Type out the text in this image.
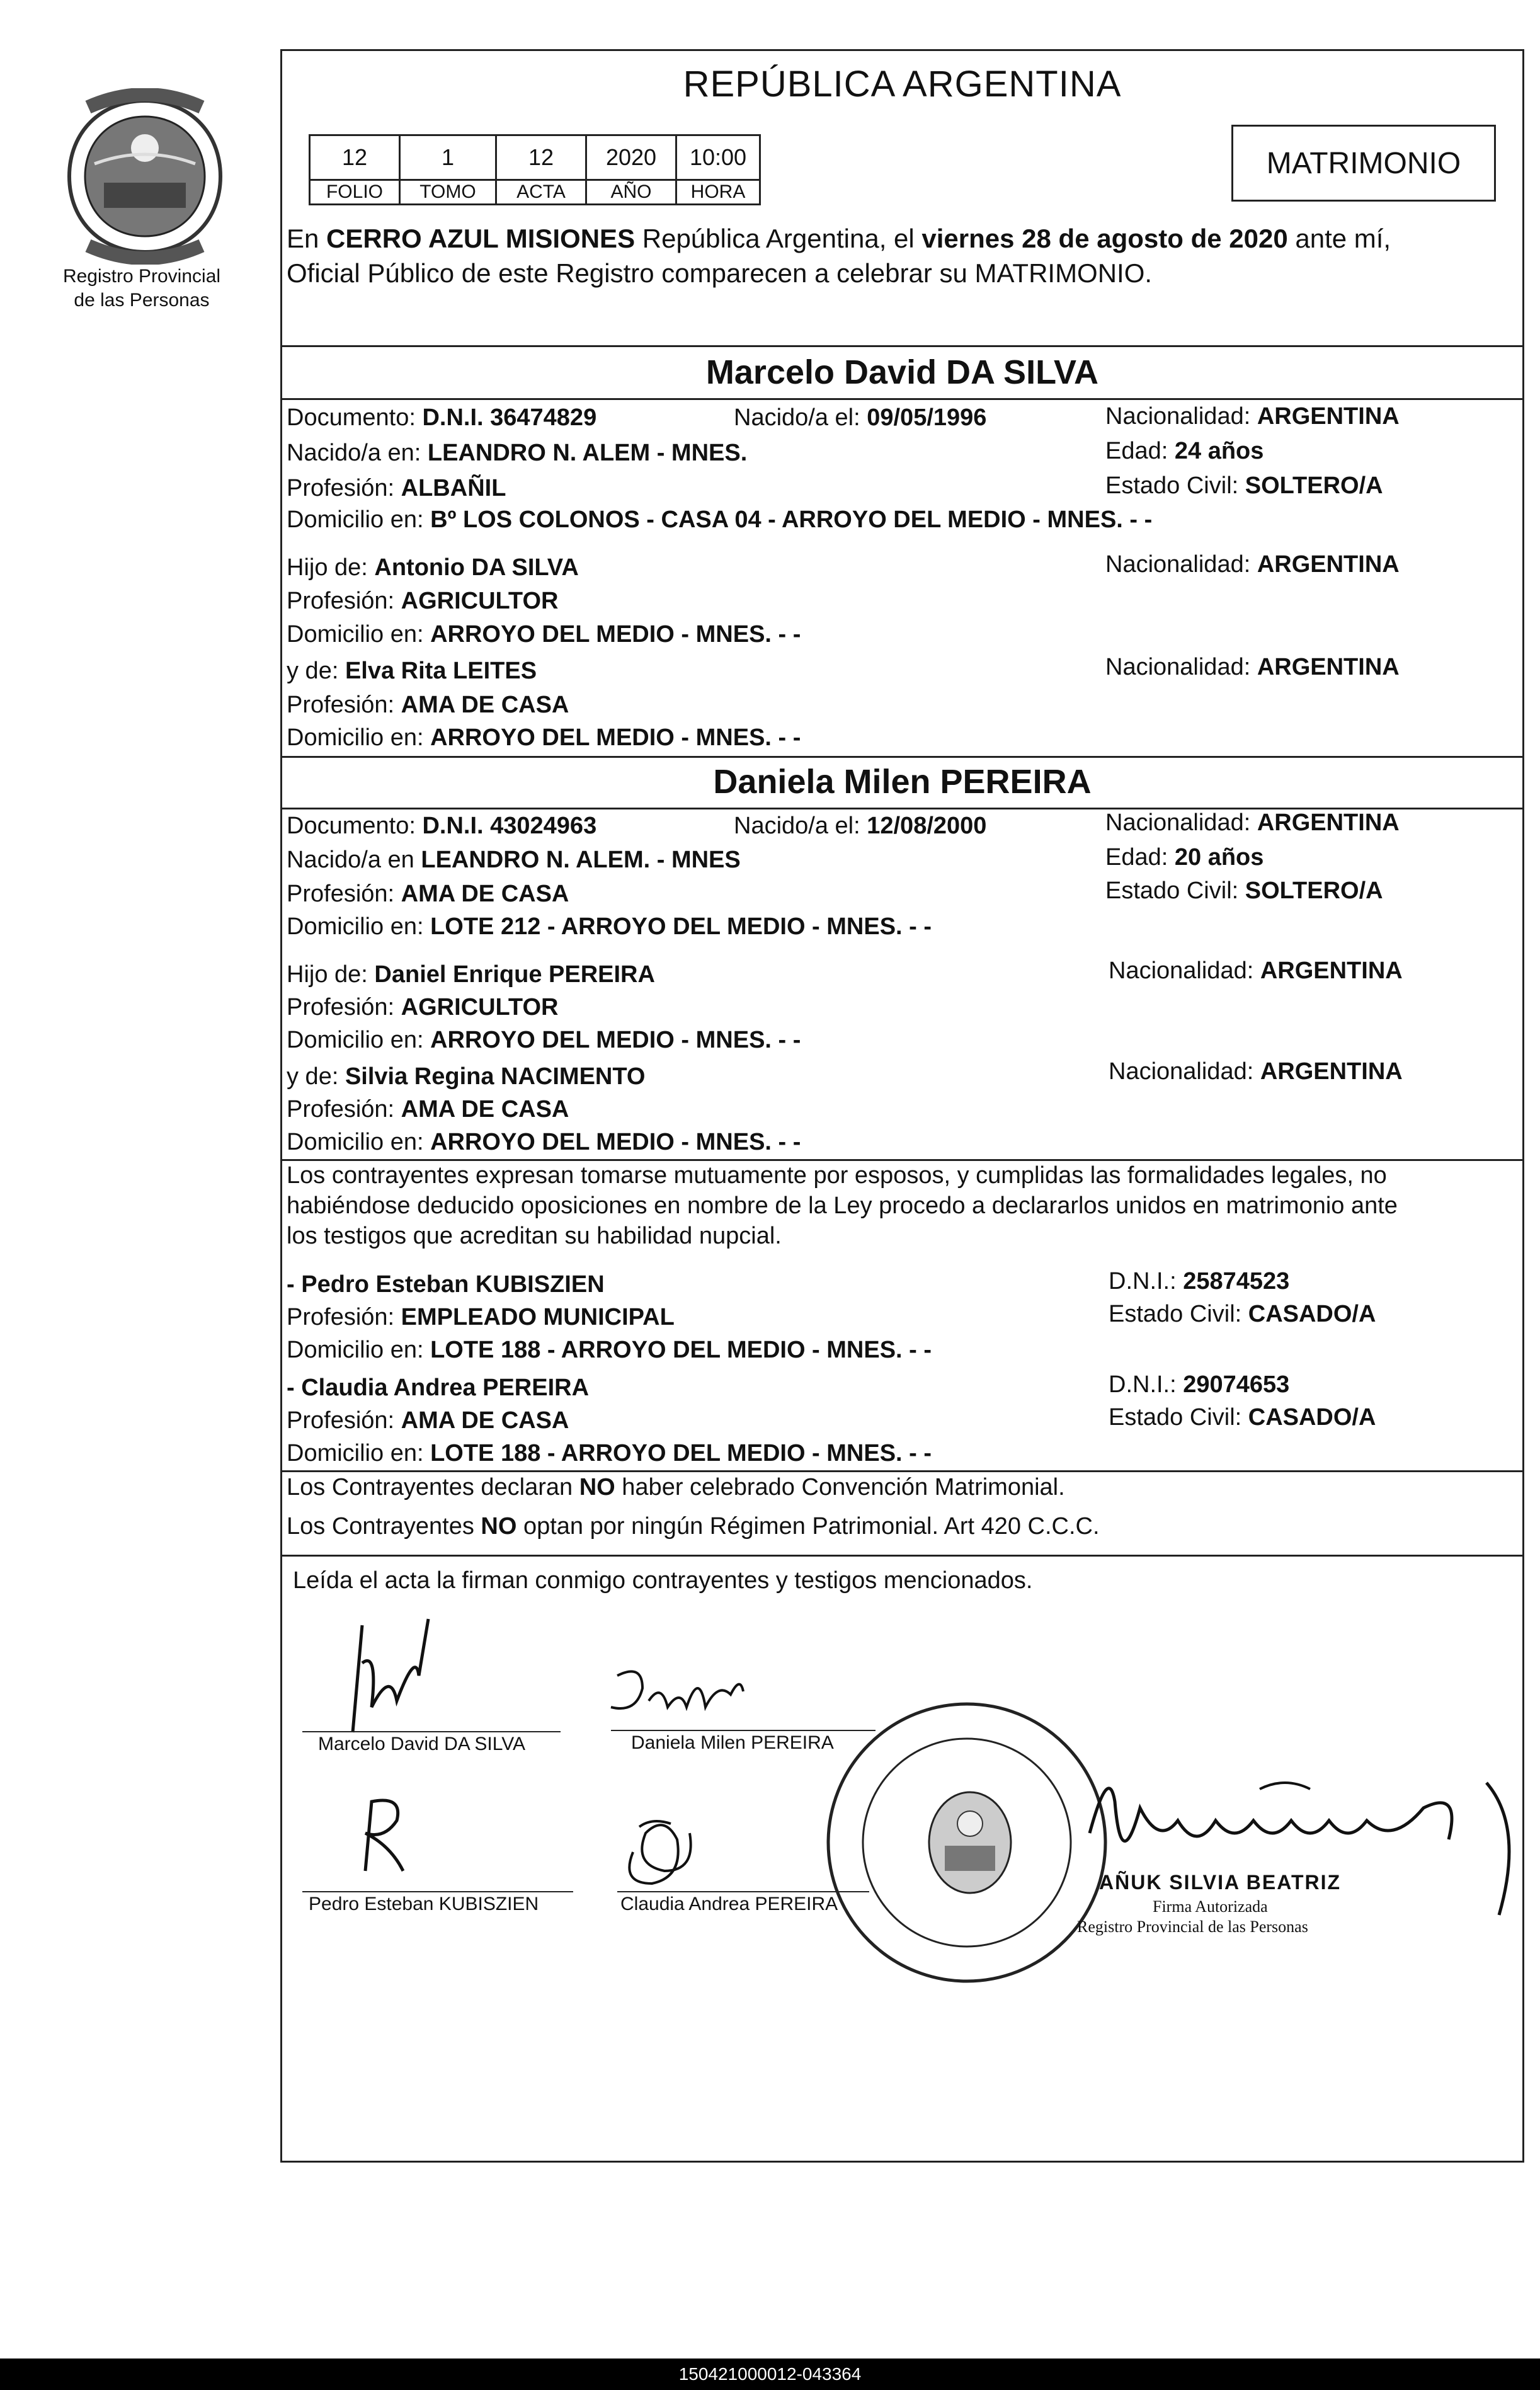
Registro Provincial
de las Personas
REPÚBLICA ARGENTINA
12	1	12	2020	10:00
FOLIO	TOMO	ACTA	AÑO	HORA
MATRIMONIO
En CERRO AZUL MISIONES República Argentina, el viernes 28 de agosto de 2020 ante mí,
Oficial Público de este Registro comparecen a celebrar su MATRIMONIO.
Marcelo David DA SILVA
Documento: D.N.I. 36474829	Nacido/a el: 09/05/1996	Nacionalidad: ARGENTINA
Nacido/a en: LEANDRO N. ALEM - MNES.	Edad: 24 años
Profesión: ALBAÑIL	Estado Civil: SOLTERO/A
Domicilio en: Bº LOS COLONOS - CASA 04 - ARROYO DEL MEDIO - MNES. - -
Hijo de: Antonio DA SILVA	Nacionalidad: ARGENTINA
Profesión: AGRICULTOR
Domicilio en: ARROYO DEL MEDIO - MNES. - -
y de: Elva Rita LEITES	Nacionalidad: ARGENTINA
Profesión: AMA DE CASA
Domicilio en: ARROYO DEL MEDIO - MNES. - -
Daniela Milen PEREIRA
Documento: D.N.I. 43024963	Nacido/a el: 12/08/2000	Nacionalidad: ARGENTINA
Nacido/a en LEANDRO N. ALEM. - MNES	Edad: 20 años
Profesión: AMA DE CASA	Estado Civil: SOLTERO/A
Domicilio en: LOTE 212 - ARROYO DEL MEDIO - MNES. - -
Hijo de: Daniel Enrique PEREIRA	Nacionalidad: ARGENTINA
Profesión: AGRICULTOR
Domicilio en: ARROYO DEL MEDIO - MNES. - -
y de: Silvia Regina NACIMENTO	Nacionalidad: ARGENTINA
Profesión: AMA DE CASA
Domicilio en: ARROYO DEL MEDIO - MNES. - -
Los contrayentes expresan tomarse mutuamente por esposos, y cumplidas las formalidades legales, no
habiéndose deducido oposiciones en nombre de la Ley procedo a declararlos unidos en matrimonio ante
los testigos que acreditan su habilidad nupcial.
- Pedro Esteban KUBISZIEN	D.N.I.: 25874523
Profesión: EMPLEADO MUNICIPAL	Estado Civil: CASADO/A
Domicilio en: LOTE 188 - ARROYO DEL MEDIO - MNES. - -
- Claudia Andrea PEREIRA	D.N.I.: 29074653
Profesión: AMA DE CASA	Estado Civil: CASADO/A
Domicilio en: LOTE 188 - ARROYO DEL MEDIO - MNES. - -
Los Contrayentes declaran NO haber celebrado Convención Matrimonial.
Los Contrayentes NO optan por ningún Régimen Patrimonial. Art 420 C.C.C.
Leída el acta la firman conmigo contrayentes y testigos mencionados.
Marcelo David DA SILVA	Daniela Milen PEREIRA
Pedro Esteban KUBISZIEN	Claudia Andrea PEREIRA
AÑUK SILVIA BEATRIZ
Firma Autorizada
Registro Provincial de las Personas
150421000012-043364
